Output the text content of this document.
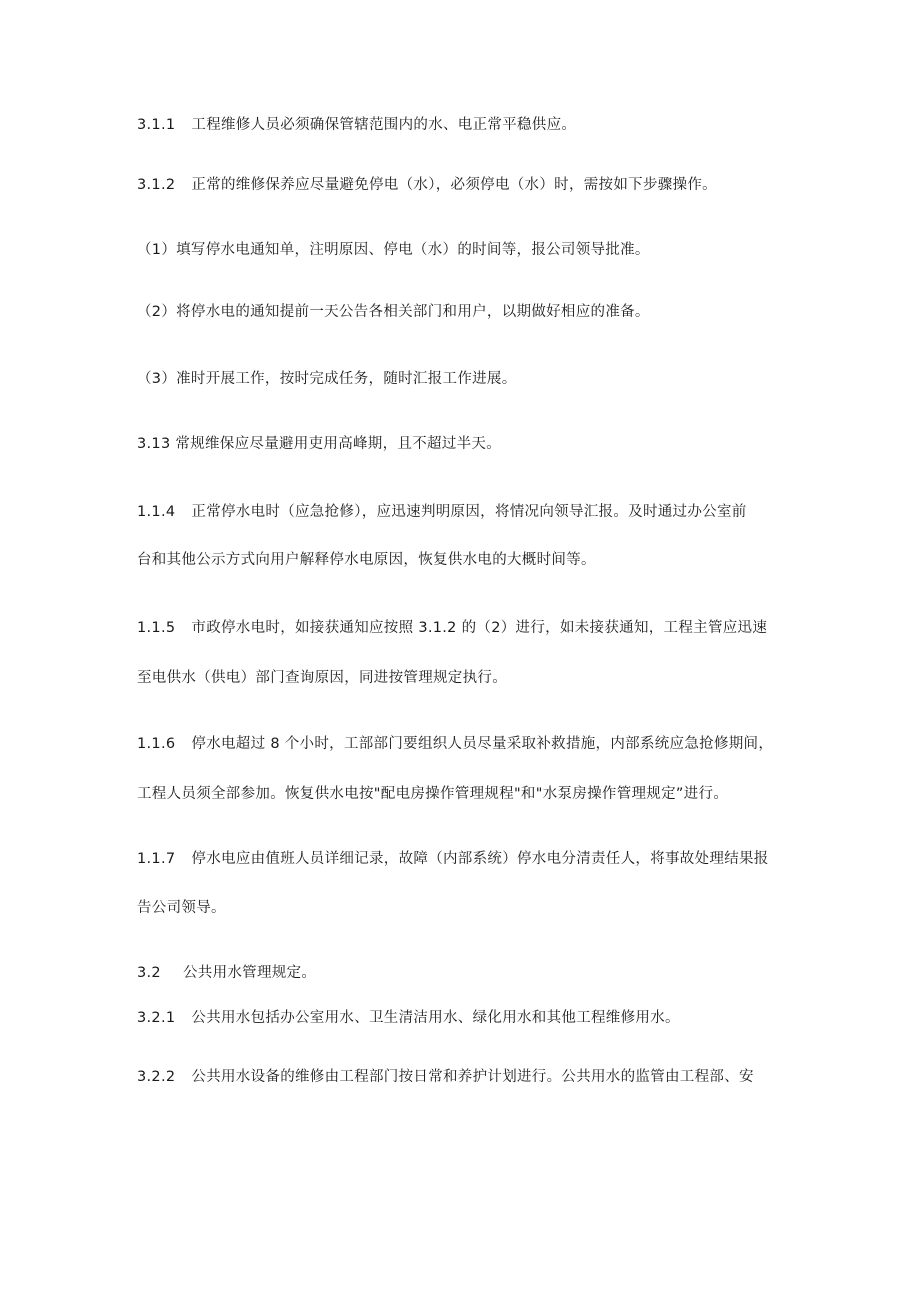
3.1.1 工程维修人员必须确保管辖范围内的水、电正常平稳供应。
3.1.2 正常的维修保养应尽量避免停电（水），必须停电（水）时，需按如下步骤操作。
（1）填写停水电通知单，注明原因、停电（水）的时间等，报公司领导批准。
（2）将停水电的通知提前一天公告各相关部门和用户，以期做好相应的准备。
（3）准时开展工作，按时完成任务，随时汇报工作进展。
3.13 常规维保应尽量避用吏用高峰期，且不超过半天。
1.1.4 正常停水电时（应急抢修），应迅速判明原因，将情况向领导汇报。及时通过办公室前
台和其他公示方式向用户解释停水电原因，恢复供水电的大概时间等。
1.1.5 市政停水电时，如接获通知应按照 3.1.2 的（2）进行，如未接获通知，工程主管应迅速
至电供水（供电）部门查询原因，同进按管理规定执行。
1.1.6 停水电超过 8 个小时，工部部门要组织人员尽量采取补救措施，内部系统应急抢修期间，
工程人员须全部参加。恢复供水电按"配电房操作管理规程"和"水泵房操作管理规定”进行。
1.1.7 停水电应由值班人员详细记录，故障（内部系统）停水电分清责任人，将事故处理结果报
告公司领导。
3.2 公共用水管理规定。
3.2.1 公共用水包括办公室用水、卫生清洁用水、绿化用水和其他工程维修用水。
3.2.2 公共用水设备的维修由工程部门按日常和养护计划进行。公共用水的监管由工程部、安
